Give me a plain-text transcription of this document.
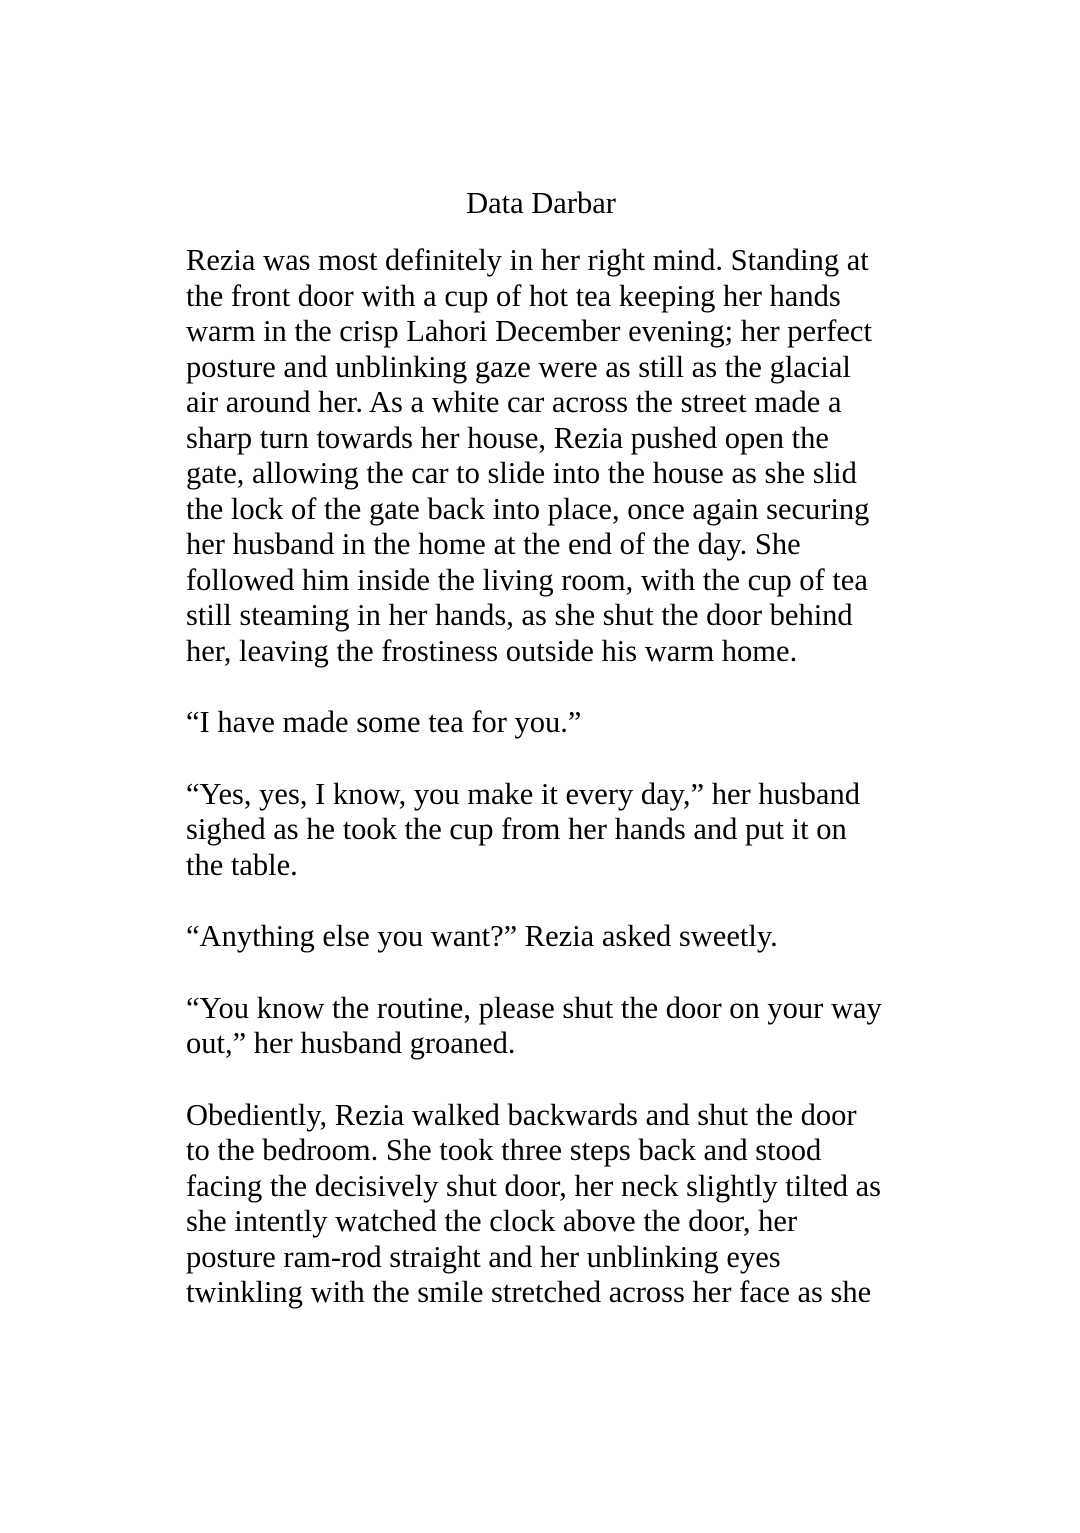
Data Darbar
Rezia was most definitely in her right mind. Standing at
the front door with a cup of hot tea keeping her hands
warm in the crisp Lahori December evening; her perfect
posture and unblinking gaze were as still as the glacial
air around her. As a white car across the street made a
sharp turn towards her house, Rezia pushed open the
gate, allowing the car to slide into the house as she slid
the lock of the gate back into place, once again securing
her husband in the home at the end of the day. She
followed him inside the living room, with the cup of tea
still steaming in her hands, as she shut the door behind
her, leaving the frostiness outside his warm home.
“I have made some tea for you.”
“Yes, yes, I know, you make it every day,” her husband
sighed as he took the cup from her hands and put it on
the table.
“Anything else you want?” Rezia asked sweetly.
“You know the routine, please shut the door on your way
out,” her husband groaned.
Obediently, Rezia walked backwards and shut the door
to the bedroom. She took three steps back and stood
facing the decisively shut door, her neck slightly tilted as
she intently watched the clock above the door, her
posture ram-rod straight and her unblinking eyes
twinkling with the smile stretched across her face as she
